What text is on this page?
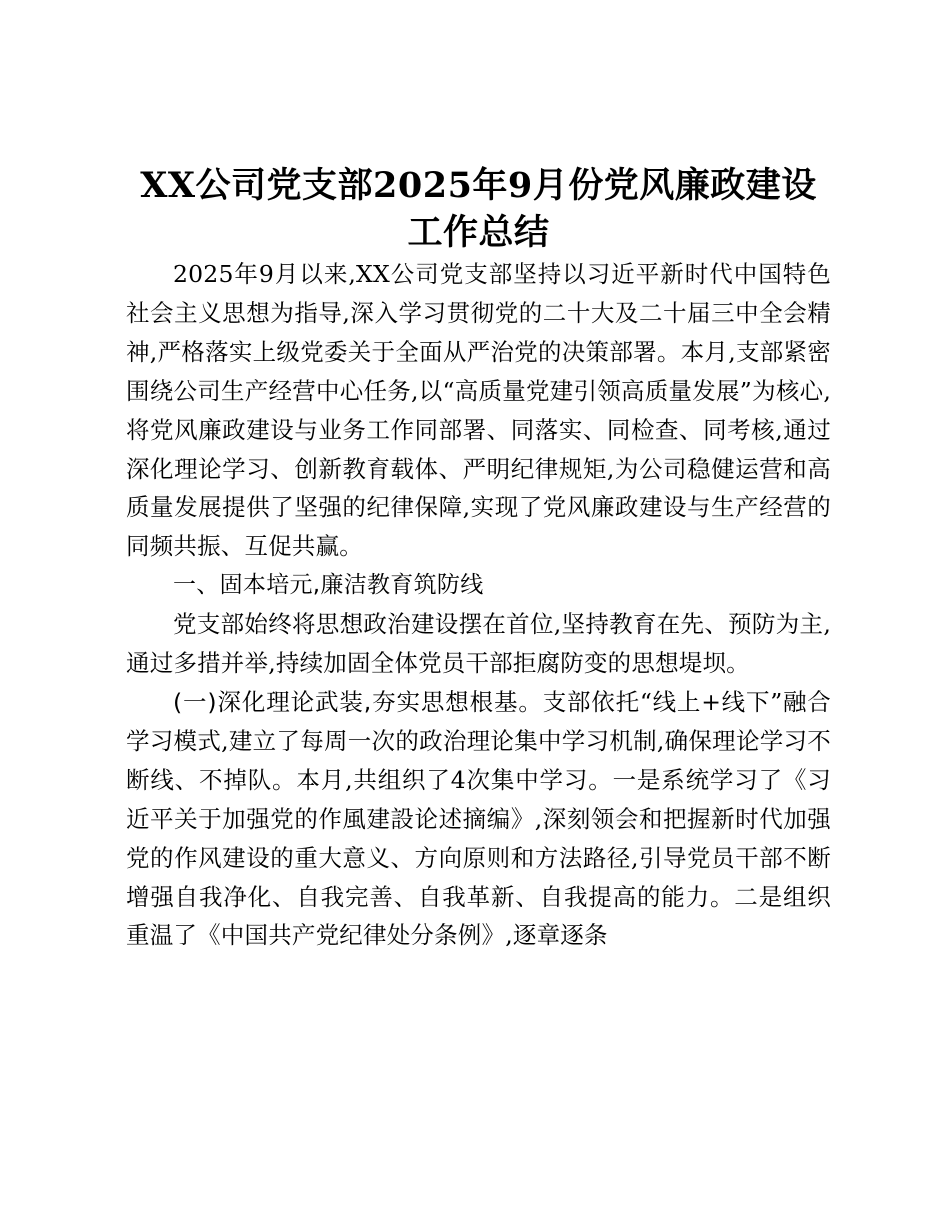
XX公司党支部2025年9月份党风廉政建设工作总结

2025年9月以来,XX公司党支部坚持以习近平新时代中国特色社会主义思想为指导,深入学习贯彻党的二十大及二十届三中全会精神,严格落实上级党委关于全面从严治党的决策部署。本月,支部紧密围绕公司生产经营中心任务,以“高质量党建引领高质量发展”为核心,将党风廉政建设与业务工作同部署、同落实、同检查、同考核,通过深化理论学习、创新教育载体、严明纪律规矩,为公司稳健运营和高质量发展提供了坚强的纪律保障,实现了党风廉政建设与生产经营的同频共振、互促共赢。

一、固本培元,廉洁教育筑防线

党支部始终将思想政治建设摆在首位,坚持教育在先、预防为主,通过多措并举,持续加固全体党员干部拒腐防变的思想堤坝。

(一)深化理论武装,夯实思想根基。支部依托“线上+线下”融合学习模式,建立了每周一次的政治理论集中学习机制,确保理论学习不断线、不掉队。本月,共组织了4次集中学习。一是系统学习了《习近平关于加强党的作風建設论述摘编》,深刻领会和把握新时代加强党的作风建设的重大意义、方向原则和方法路径,引导党员干部不断增强自我净化、自我完善、自我革新、自我提高的能力。二是组织重温了《中国共产党纪律处分条例》,逐章逐条
